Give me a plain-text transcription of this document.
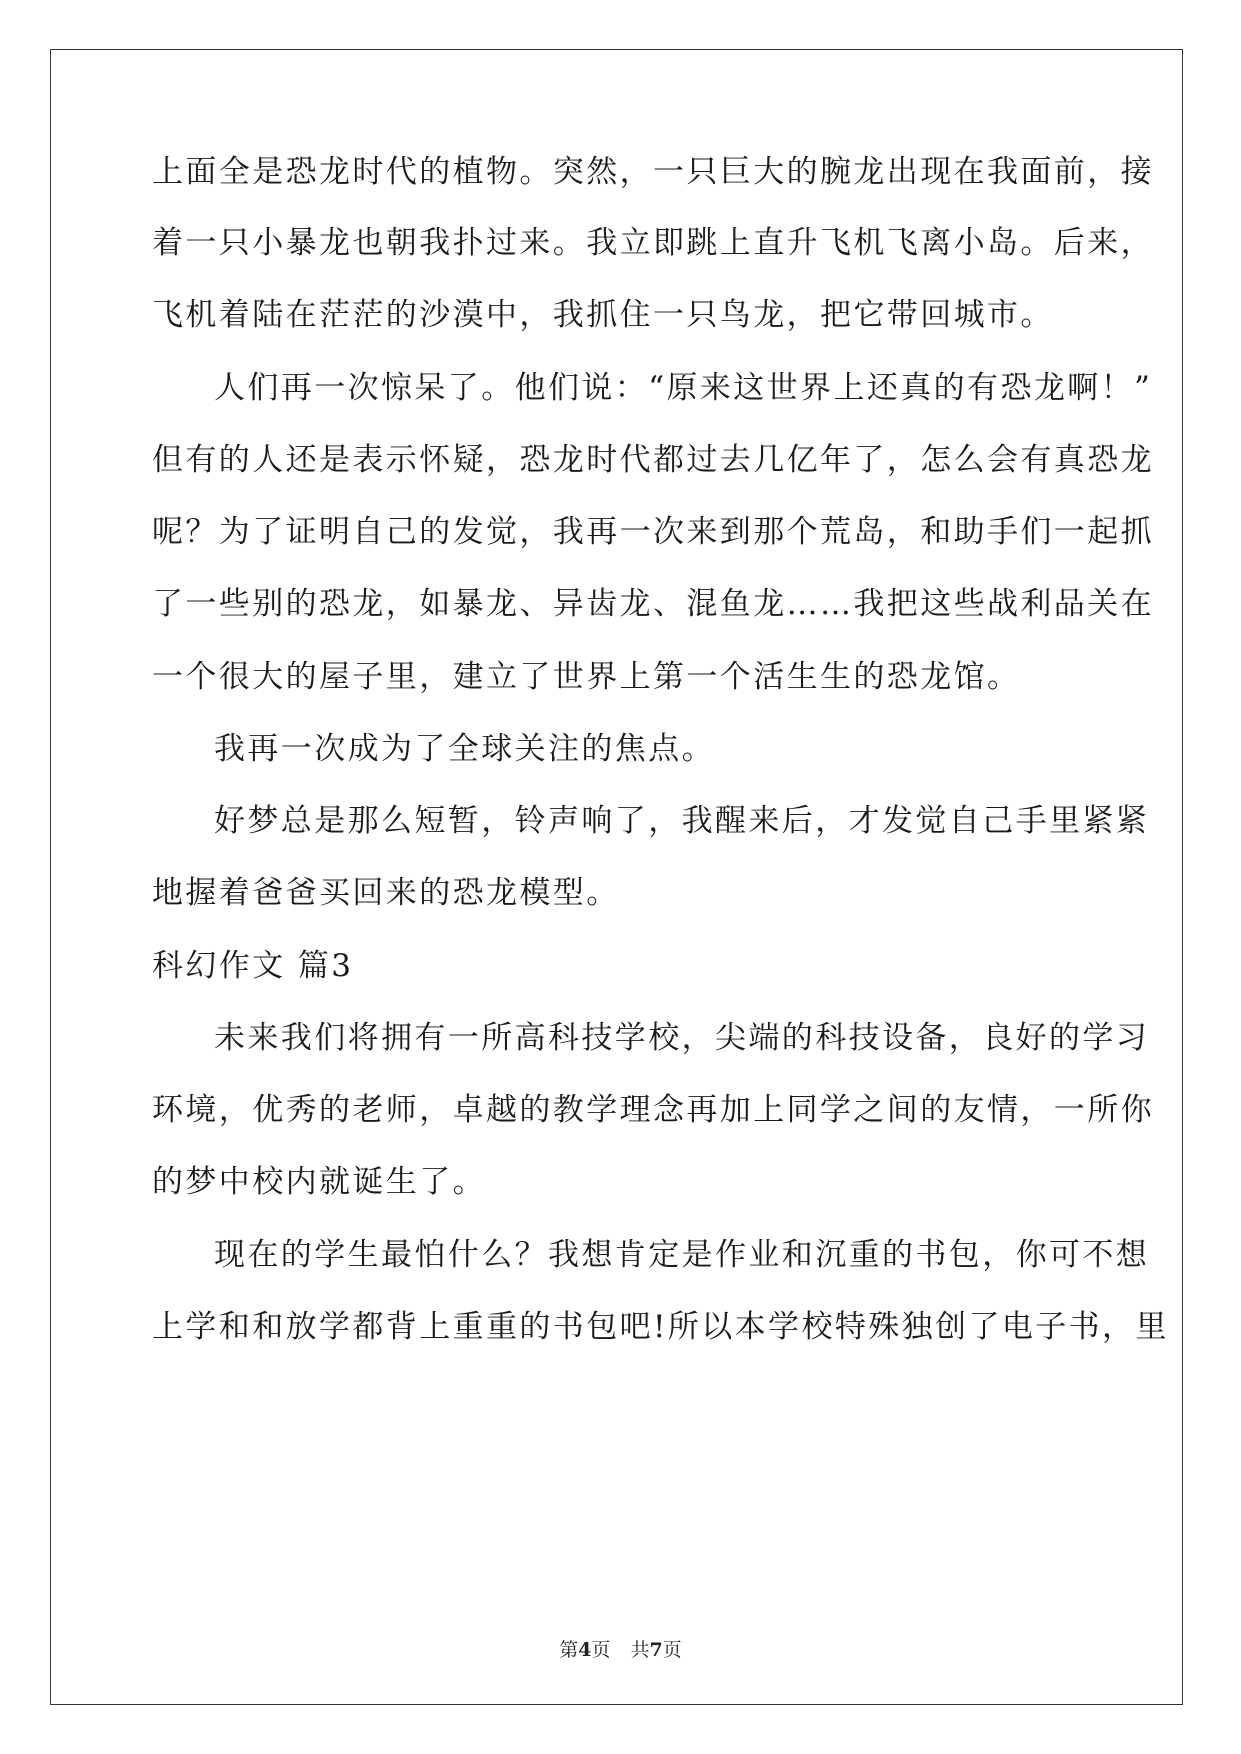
上面全是恐龙时代的植物。突然，一只巨大的腕龙出现在我面前，接
着一只小暴龙也朝我扑过来。我立即跳上直升飞机飞离小岛。后来，
飞机着陆在茫茫的沙漠中，我抓住一只鸟龙，把它带回城市。
人们再一次惊呆了。他们说：“原来这世界上还真的有恐龙啊！”
但有的人还是表示怀疑，恐龙时代都过去几亿年了，怎么会有真恐龙
呢？为了证明自己的发觉，我再一次来到那个荒岛，和助手们一起抓
了一些别的恐龙，如暴龙、异齿龙、混鱼龙……我把这些战利品关在
一个很大的屋子里，建立了世界上第一个活生生的恐龙馆。
我再一次成为了全球关注的焦点。
好梦总是那么短暂，铃声响了，我醒来后，才发觉自己手里紧紧
地握着爸爸买回来的恐龙模型。
科幻作文 篇3
未来我们将拥有一所高科技学校，尖端的科技设备，良好的学习
环境，优秀的老师，卓越的教学理念再加上同学之间的友情，一所你
的梦中校内就诞生了。
现在的学生最怕什么？我想肯定是作业和沉重的书包，你可不想
上学和和放学都背上重重的书包吧!所以本学校特殊独创了电子书，里
第4页 共7页
